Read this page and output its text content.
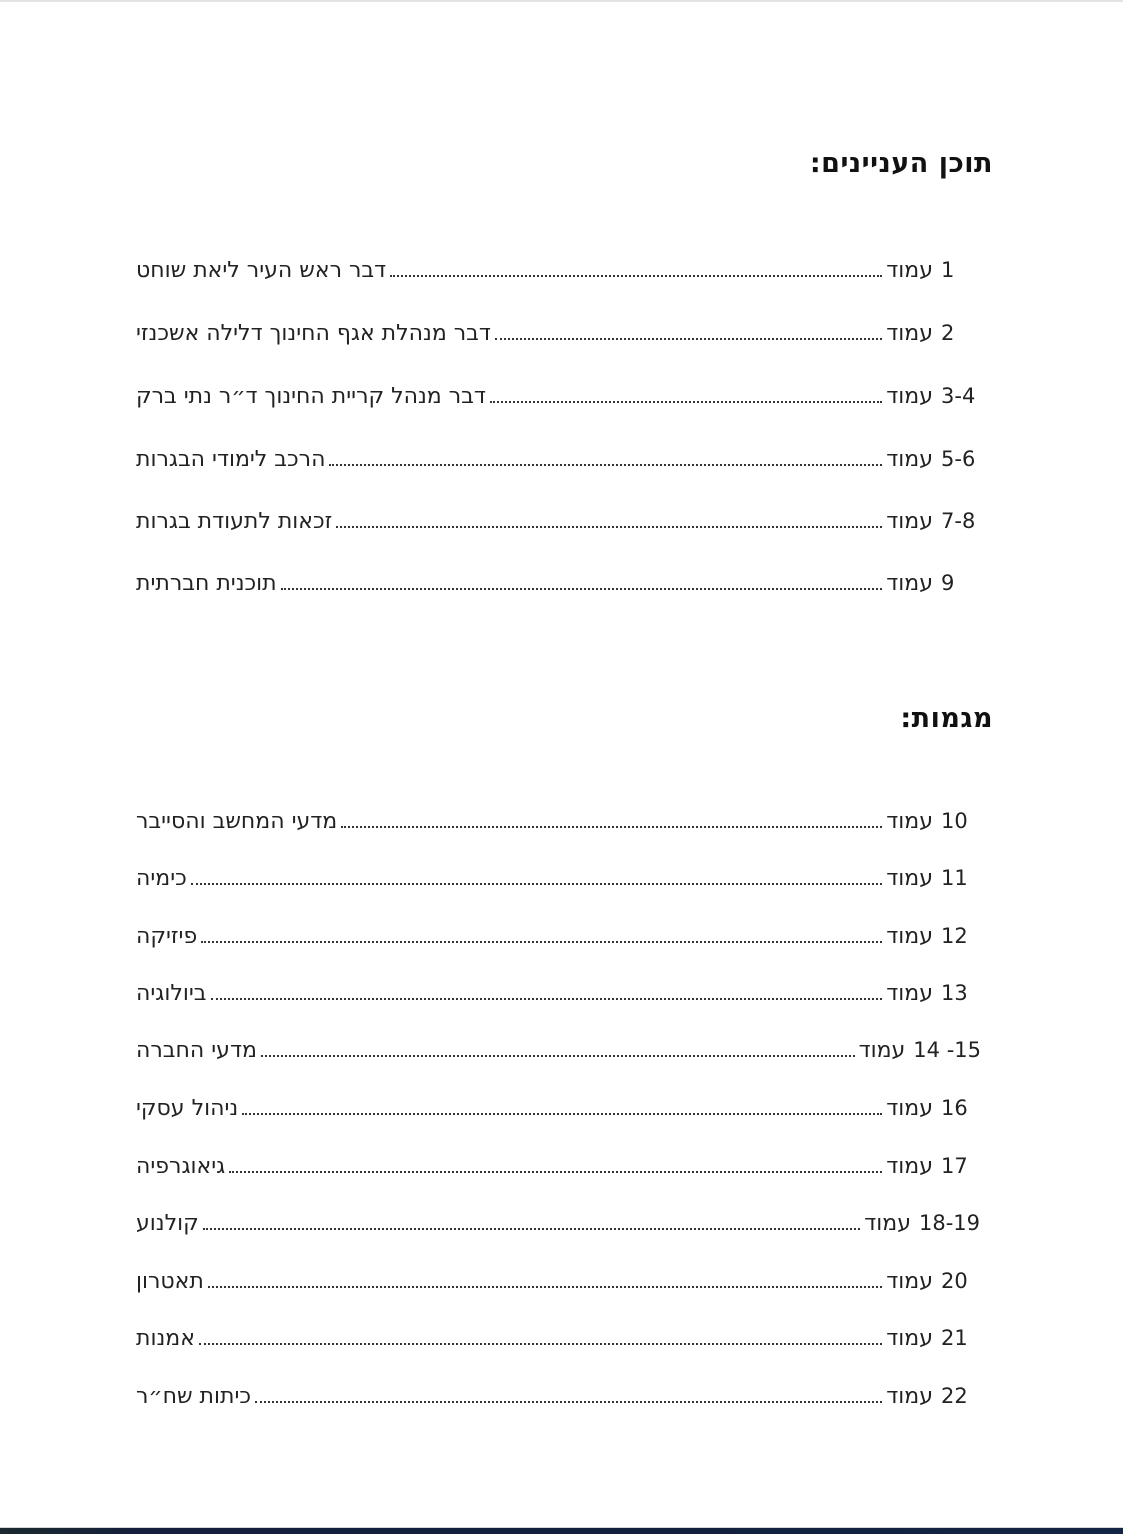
תוכן העניינים:
דבר ראש העיר ליאת שוחט	עמוד 1
דבר מנהלת אגף החינוך דלילה אשכנזי	עמוד 2
דבר מנהל קריית החינוך ד״ר נתי ברק	עמוד 3-4
הרכב לימודי הבגרות	עמוד 5-6
זכאות לתעודת בגרות	עמוד 7-8
תוכנית חברתית	עמוד 9
מגמות:
מדעי המחשב והסייבר	עמוד 10
כימיה	עמוד 11
פיזיקה	עמוד 12
ביולוגיה	עמוד 13
מדעי החברה	עמוד 14 -15
ניהול עסקי	עמוד 16
גיאוגרפיה	עמוד 17
קולנוע	עמוד 18-19
תאטרון	עמוד 20
אמנות	עמוד 21
כיתות שח״ר	עמוד 22
